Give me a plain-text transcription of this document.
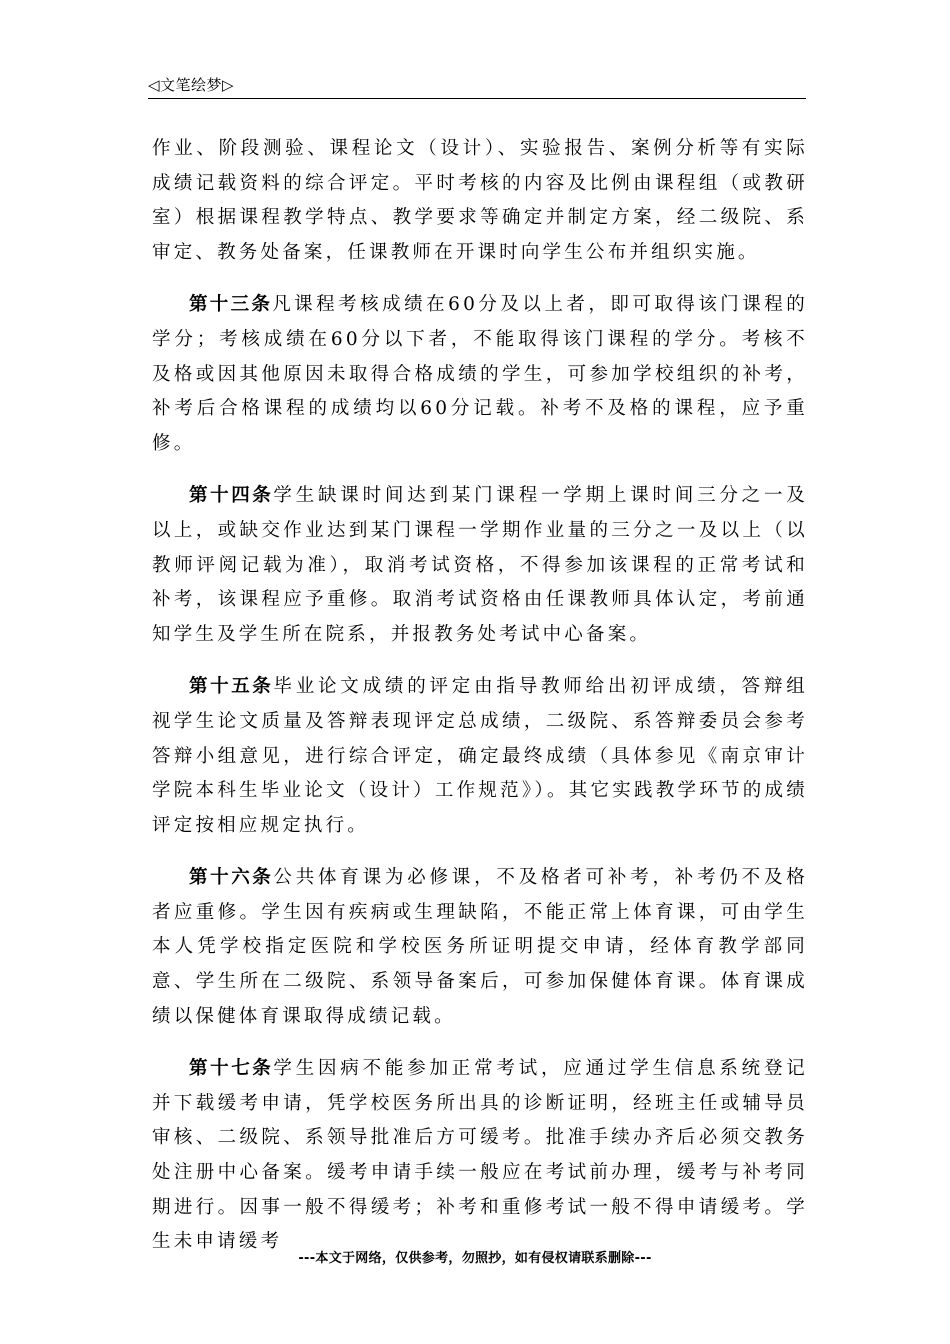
◁文笔绘梦▷

作业、阶段测验、课程论文（设计）、实验报告、案例分析等有实际成绩记载资料的综合评定。平时考核的内容及比例由课程组（或教研室）根据课程教学特点、教学要求等确定并制定方案，经二级院、系审定、教务处备案，任课教师在开课时向学生公布并组织实施。

第十三条凡课程考核成绩在60分及以上者，即可取得该门课程的学分；考核成绩在60分以下者，不能取得该门课程的学分。考核不及格或因其他原因未取得合格成绩的学生，可参加学校组织的补考，补考后合格课程的成绩均以60分记载。补考不及格的课程，应予重修。

第十四条学生缺课时间达到某门课程一学期上课时间三分之一及以上，或缺交作业达到某门课程一学期作业量的三分之一及以上（以教师评阅记载为准），取消考试资格，不得参加该课程的正常考试和补考，该课程应予重修。取消考试资格由任课教师具体认定，考前通知学生及学生所在院系，并报教务处考试中心备案。

第十五条毕业论文成绩的评定由指导教师给出初评成绩，答辩组视学生论文质量及答辩表现评定总成绩，二级院、系答辩委员会参考答辩小组意见，进行综合评定，确定最终成绩（具体参见《南京审计学院本科生毕业论文（设计）工作规范》）。其它实践教学环节的成绩评定按相应规定执行。

第十六条公共体育课为必修课，不及格者可补考，补考仍不及格者应重修。学生因有疾病或生理缺陷，不能正常上体育课，可由学生本人凭学校指定医院和学校医务所证明提交申请，经体育教学部同意、学生所在二级院、系领导备案后，可参加保健体育课。体育课成绩以保健体育课取得成绩记载。

第十七条学生因病不能参加正常考试，应通过学生信息系统登记并下载缓考申请，凭学校医务所出具的诊断证明，经班主任或辅导员审核、二级院、系领导批准后方可缓考。批准手续办齐后必须交教务处注册中心备案。缓考申请手续一般应在考试前办理，缓考与补考同期进行。因事一般不得缓考；补考和重修考试一般不得申请缓考。学生未申请缓考

---本文于网络，仅供参考，勿照抄，如有侵权请联系删除---
